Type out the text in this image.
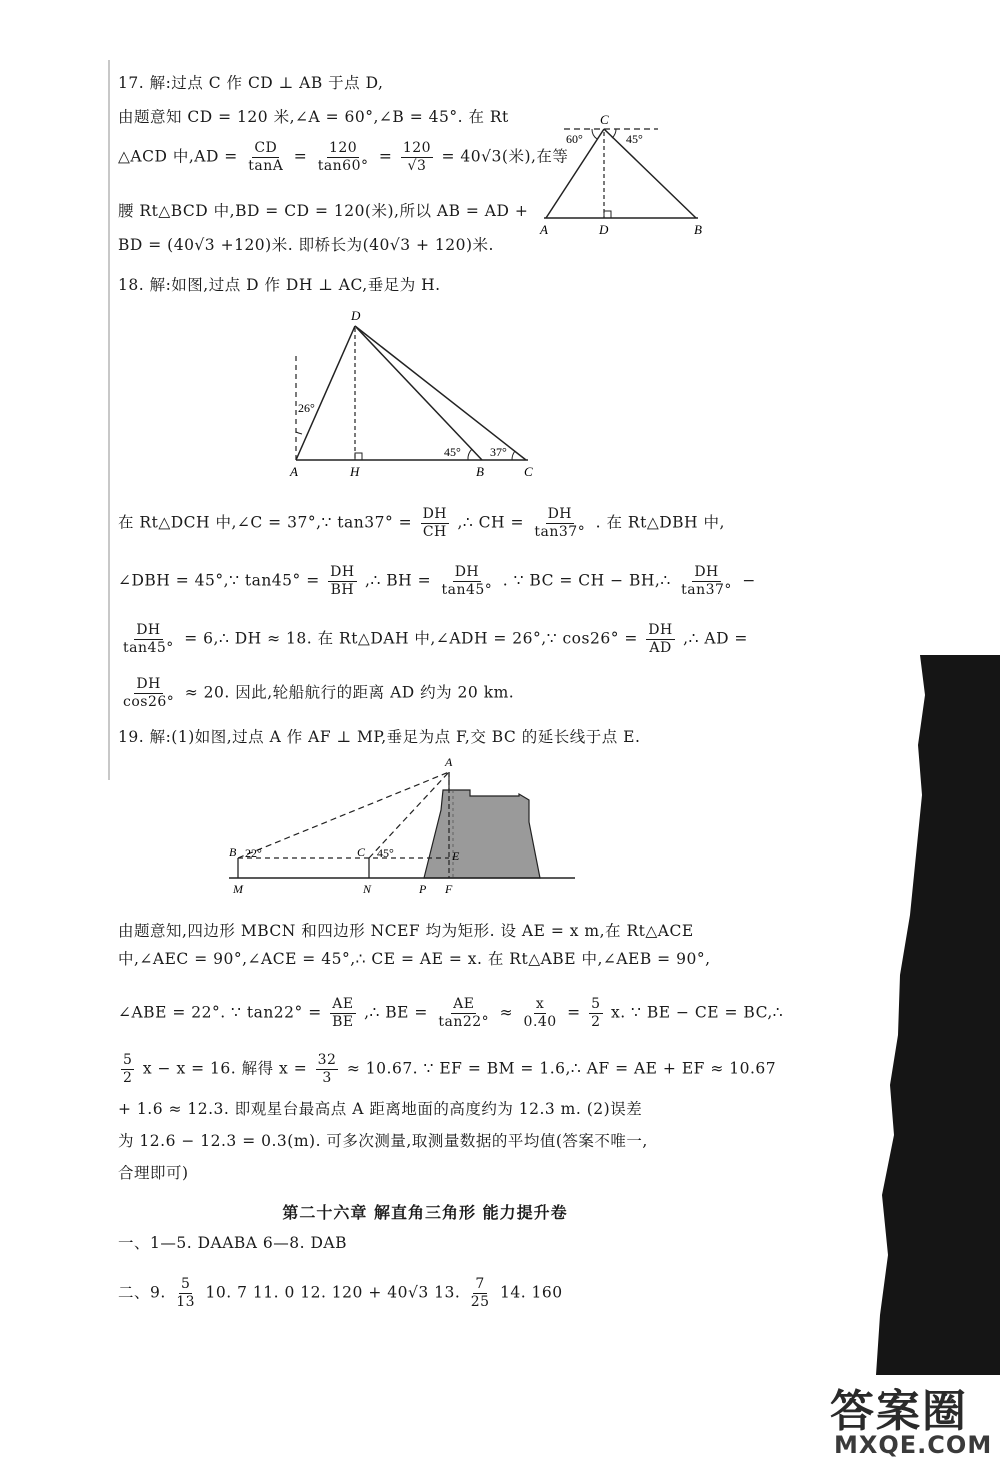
17. 解:过点 C 作 CD ⊥ AB 于点 D,
由题意知 CD = 120 米,∠A = 60°,∠B = 45°. 在 Rt
△ACD 中$,AD = \frac{CD}{\tan A} = \frac{120}{\tan 60^\circ} = \frac{120}{√3} = 40√3$(米),在等
腰 Rt△BCD 中,BD = CD = 120(米),所以 AB = AD +
BD = (40√3 +120)米. 即桥长为(40√3 + 120)米.
C
60°	45°
A	D	B
18. 解:如图,过点 D 作 DH ⊥ AC,垂足为 H.
D
26°
45° 37°
A	H	B	C
在 Rt△DCH 中,∠C = 37°,∵ $\tan 37^\circ = \frac{DH}{CH}$ ,∴ CH = $\frac{DH}{\tan 37^\circ}$ . 在 Rt△DBH 中,
∠DBH = 45°,∵ $\tan 45^\circ = \frac{DH}{BH}$ ,∴ BH = $\frac{DH}{\tan 45^\circ}$ . ∵ BC = CH − BH,∴ $\frac{DH}{\tan 37^\circ}$ −
$\frac{DH}{\tan 45^\circ}$ = 6,∴ DH ≈ 18. 在 Rt△DAH 中,∠ADH = 26°,∵ $\cos 26^\circ = \frac{DH}{AD}$ ,∴ AD =
$\frac{DH}{\cos 26^\circ} \approx 20$. 因此,轮船航行的距离 AD 约为 20 km.
19. 解:(1)如图,过点 A 作 AF ⊥ MP,垂足为点 F,交 BC 的延长线于点 E.
A
B 22°	C 45°	E
M	N	P F
由题意知,四边形 MBCN 和四边形 NCEF 均为矩形. 设 AE = x m,在 Rt△ACE
中,∠AEC = 90°,∠ACE = 45°,∴ CE = AE = x. 在 Rt△ABE 中,∠AEB = 90°,
∠ABE = 22°. ∵ $\tan 22^\circ = \frac{AE}{BE}$ ,∴ BE = $\frac{AE}{\tan 22^\circ} \approx \frac{x}{0.40} = \frac{5}{2} x$. ∵ BE − CE = BC,∴
$\frac{5}{2}$ x − x = 16. 解得 $x = \frac{32}{3} \approx 10.67$. ∵ EF = BM = 1.6,∴ AF = AE + EF ≈ 10.67
+ 1.6 ≈ 12.3. 即观星台最高点 A 距离地面的高度约为 12.3 m. (2)误差
为 12.6 − 12.3 = 0.3(m). 可多次测量,取测量数据的平均值(答案不唯一,
合理即可)
第二十六章 解直角三角形 能力提升卷
一、1—5. DAABA 6—8. DAB
二、9. $\frac{5}{13} 10$. 7 11. 0 12. 120 + 40√3 13. $\frac{7}{25} 14$. 160
答案圈
MXQE.COM
